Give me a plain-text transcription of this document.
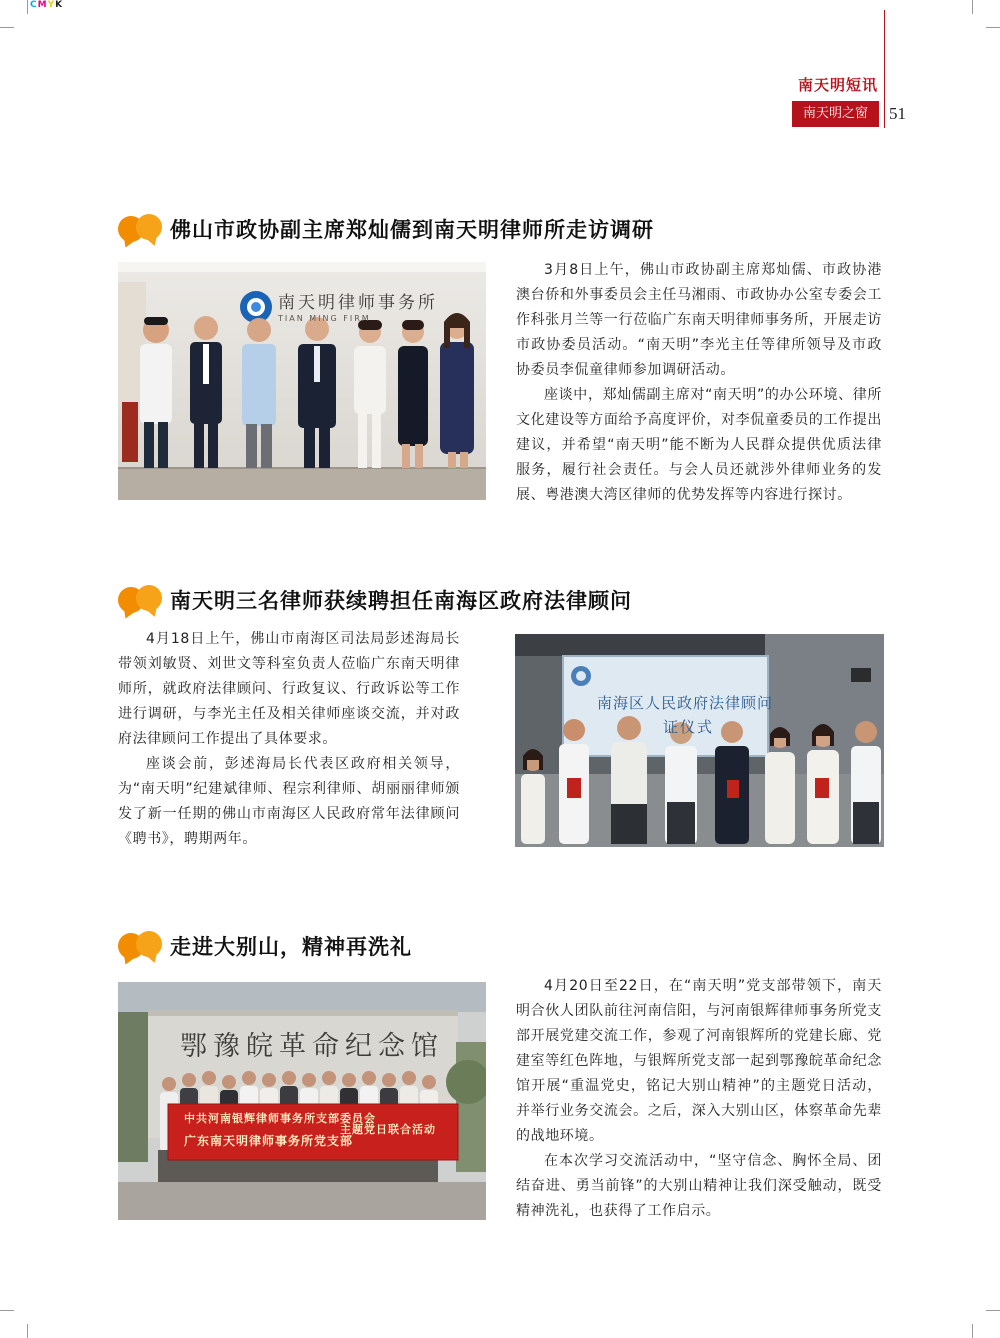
CMYK
南天明短讯
南天明之窗	51
佛山市政协副主席郑灿儒到南天明律师所走访调研
南天明律师事务所
TIAN MING FIRM

3月8日上午，佛山市政协副主席郑灿儒、市政协港澳台侨和外事委员会主任马湘雨、市政协办公室专委会工作科张月兰等一行莅临广东南天明律师事务所，开展走访市政协委员活动。“南天明”李光主任等律所领导及市政协委员李侃童律师参加调研活动。

座谈中，郑灿儒副主席对“南天明”的办公环境、律所文化建设等方面给予高度评价，对李侃童委员的工作提出建议，并希望“南天明”能不断为人民群众提供优质法律服务，履行社会责任。与会人员还就涉外律师业务的发展、粤港澳大湾区律师的优势发挥等内容进行探讨。

南天明三名律师获续聘担任南海区政府法律顾问

4月18日上午，佛山市南海区司法局彭述海局长带领刘敏贤、刘世文等科室负责人莅临广东南天明律师所，就政府法律顾问、行政复议、行政诉讼等工作进行调研，与李光主任及相关律师座谈交流，并对政府法律顾问工作提出了具体要求。

座谈会前，彭述海局长代表区政府相关领导，为“南天明”纪建斌律师、程宗利律师、胡丽丽律师颁发了新一任期的佛山市南海区人民政府常年法律顾问《聘书》，聘期两年。

南海区人民政府法律顾问
证仪式
走进大别山，精神再洗礼
鄂豫皖革命纪念馆
中共河南银辉律师事务所支部委员会
广东南天明律师事务所党支部
主题党日联合活动

4月20日至22日，在“南天明”党支部带领下，南天明合伙人团队前往河南信阳，与河南银辉律师事务所党支部开展党建交流工作，参观了河南银辉所的党建长廊、党建室等红色阵地，与银辉所党支部一起到鄂豫皖革命纪念馆开展“重温党史，铭记大别山精神”的主题党日活动，并举行业务交流会。之后，深入大别山区，体察革命先辈的战地环境。

在本次学习交流活动中，“坚守信念、胸怀全局、团结奋进、勇当前锋”的大别山精神让我们深受触动，既受精神洗礼，也获得了工作启示。
